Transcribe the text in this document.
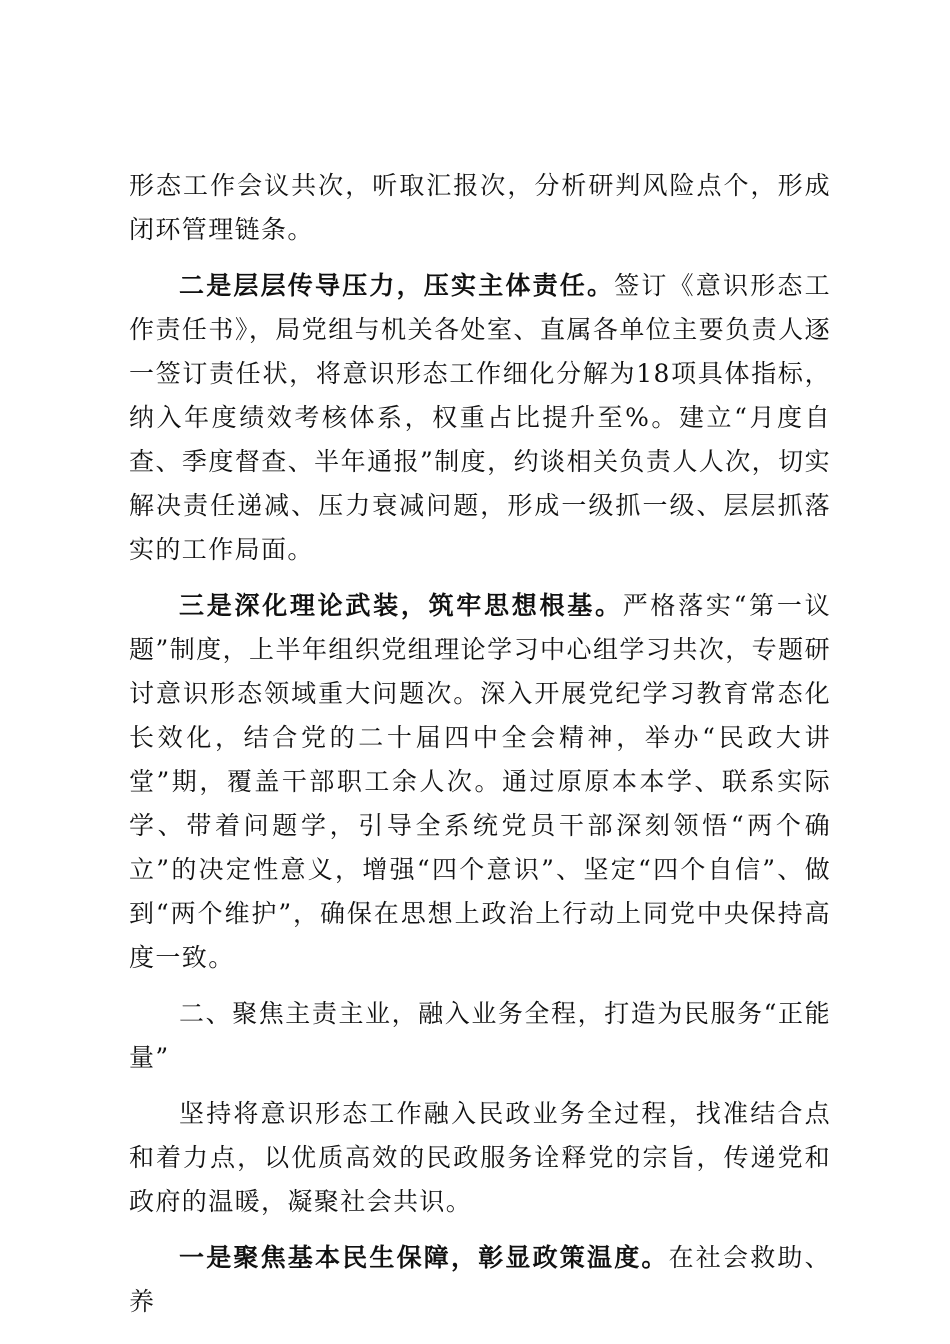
形态工作会议共次，听取汇报次，分析研判风险点个，形成闭环管理链条。

二是层层传导压力，压实主体责任。签订《意识形态工作责任书》，局党组与机关各处室、直属各单位主要负责人逐一签订责任状，将意识形态工作细化分解为18项具体指标，纳入年度绩效考核体系，权重占比提升至%。建立“月度自查、季度督查、半年通报”制度，约谈相关负责人人次，切实解决责任递减、压力衰减问题，形成一级抓一级、层层抓落实的工作局面。

三是深化理论武装，筑牢思想根基。严格落实“第一议题”制度，上半年组织党组理论学习中心组学习共次，专题研讨意识形态领域重大问题次。深入开展党纪学习教育常态化长效化，结合党的二十届四中全会精神，举办“民政大讲堂”期，覆盖干部职工余人次。通过原原本本学、联系实际学、带着问题学，引导全系统党员干部深刻领悟“两个确立”的决定性意义，增强“四个意识”、坚定“四个自信”、做到“两个维护”，确保在思想上政治上行动上同党中央保持高度一致。

二、聚焦主责主业，融入业务全程，打造为民服务“正能量”

坚持将意识形态工作融入民政业务全过程，找准结合点和着力点，以优质高效的民政服务诠释党的宗旨，传递党和政府的温暖，凝聚社会共识。

一是聚焦基本民生保障，彰显政策温度。在社会救助、养
